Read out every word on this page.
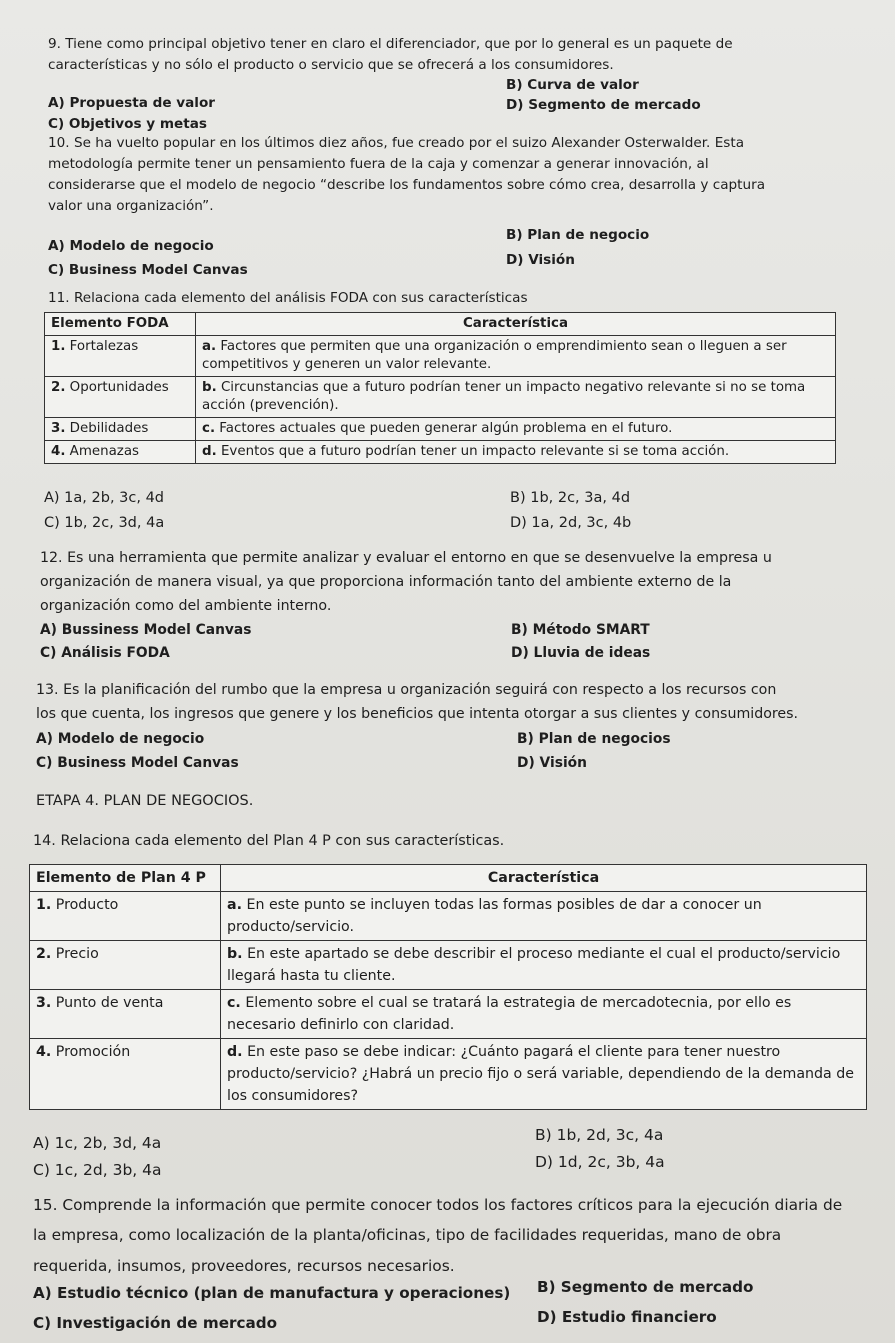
9. Tiene como principal objetivo tener en claro el diferenciador, que por lo general es un paquete de
características y no sólo el producto o servicio que se ofrecerá a los consumidores.
A) Propuesta de valor
B) Curva de valor
C) Objetivos y metas
D) Segmento de mercado
10. Se ha vuelto popular en los últimos diez años, fue creado por el suizo Alexander Osterwalder. Esta
metodología permite tener un pensamiento fuera de la caja y comenzar a generar innovación, al
considerarse que el modelo de negocio “describe los fundamentos sobre cómo crea, desarrolla y captura
valor una organización”.
A) Modelo de negocio
B) Plan de negocio
C) Business Model Canvas
D) Visión
11. Relaciona cada elemento del análisis FODA con sus características
Elemento FODA	Característica
1. Fortalezas	a. Factores que permiten que una organización o emprendimiento sean o lleguen a ser competitivos y generen un valor relevante.
2. Oportunidades	b. Circunstancias que a futuro podrían tener un impacto negativo relevante si no se toma acción (prevención).
3. Debilidades	c. Factores actuales que pueden generar algún problema en el futuro.
4. Amenazas	d. Eventos que a futuro podrían tener un impacto relevante si se toma acción.
A) 1a, 2b, 3c, 4d	B) 1b, 2c, 3a, 4d
C) 1b, 2c, 3d, 4a	D) 1a, 2d, 3c, 4b
12. Es una herramienta que permite analizar y evaluar el entorno en que se desenvuelve la empresa u
organización de manera visual, ya que proporciona información tanto del ambiente externo de la
organización como del ambiente interno.
A) Bussiness Model Canvas	B) Método SMART
C) Análisis FODA	D) Lluvia de ideas
13. Es la planificación del rumbo que la empresa u organización seguirá con respecto a los recursos con
los que cuenta, los ingresos que genere y los beneficios que intenta otorgar a sus clientes y consumidores.
A) Modelo de negocio	B) Plan de negocios
C) Business Model Canvas	D) Visión
ETAPA 4. PLAN DE NEGOCIOS.
14. Relaciona cada elemento del Plan 4 P con sus características.
Elemento de Plan 4 P	Característica
1. Producto	a. En este punto se incluyen todas las formas posibles de dar a conocer un producto/servicio.
2. Precio	b. En este apartado se debe describir el proceso mediante el cual el producto/servicio llegará hasta tu cliente.
3. Punto de venta	c. Elemento sobre el cual se tratará la estrategia de mercadotecnia, por ello es necesario definirlo con claridad.
4. Promoción	d. En este paso se debe indicar: ¿Cuánto pagará el cliente para tener nuestro producto/servicio? ¿Habrá un precio fijo o será variable, dependiendo de la demanda de los consumidores?
A) 1c, 2b, 3d, 4a	B) 1b, 2d, 3c, 4a
C) 1c, 2d, 3b, 4a	D) 1d, 2c, 3b, 4a
15. Comprende la información que permite conocer todos los factores críticos para la ejecución diaria de
la empresa, como localización de la planta/oficinas, tipo de facilidades requeridas, mano de obra
requerida, insumos, proveedores, recursos necesarios.
A) Estudio técnico (plan de manufactura y operaciones) B) Segmento de mercado
C) Investigación de mercado	D) Estudio financiero
